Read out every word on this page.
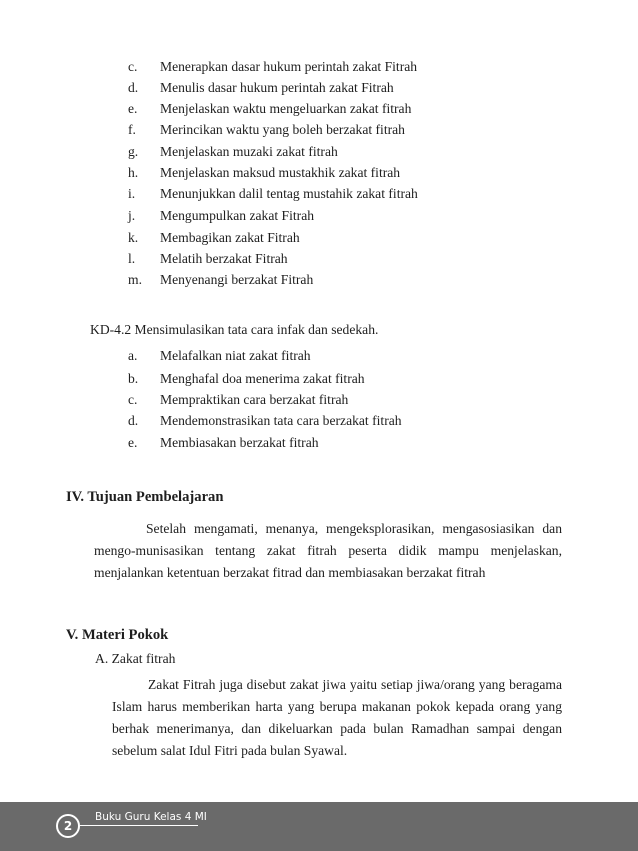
c. Menerapkan dasar hukum perintah zakat Fitrah
d. Menulis dasar hukum perintah zakat Fitrah
e. Menjelaskan waktu mengeluarkan zakat fitrah
f. Merincikan waktu yang boleh berzakat fitrah
g. Menjelaskan muzaki zakat fitrah
h. Menjelaskan maksud mustakhik zakat fitrah
i. Menunjukkan dalil tentag mustahik zakat fitrah
j. Mengumpulkan zakat Fitrah
k. Membagikan zakat Fitrah
l. Melatih berzakat Fitrah
m. Menyenangi berzakat Fitrah
KD-4.2 Mensimulasikan tata cara infak dan sedekah.
a. Melafalkan niat zakat fitrah
b. Menghafal doa menerima zakat fitrah
c. Mempraktikan cara berzakat fitrah
d. Mendemonstrasikan tata cara berzakat fitrah
e. Membiasakan berzakat fitrah
IV. Tujuan Pembelajaran

Setelah mengamati, menanya, mengeksplorasikan, mengasosiasikan dan mengo-munisasikan tentang zakat fitrah peserta didik mampu menjelaskan, menjalankan ketentuan berzakat fitrad dan membiasakan berzakat fitrah

V. Materi Pokok
A. Zakat fitrah

Zakat Fitrah juga disebut zakat jiwa yaitu setiap jiwa/orang yang beragama Islam harus memberikan harta yang berupa makanan pokok kepada orang yang berhak menerimanya, dan dikeluarkan pada bulan Ramadhan sampai dengan sebelum salat Idul Fitri pada bulan Syawal.

2
Buku Guru Kelas 4 MI
